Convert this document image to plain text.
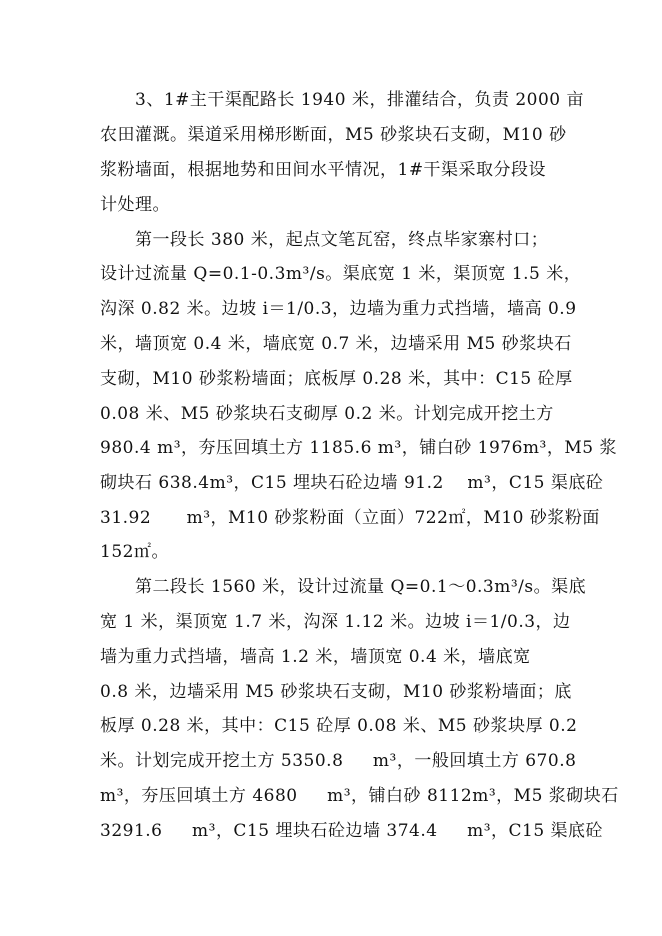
3、1#主干渠配路长 1940 米，排灌结合，负责 2000 亩
农田灌溉。渠道采用梯形断面，M5 砂浆块石支砌，M10 砂
浆粉墙面，根据地势和田间水平情况，1#干渠采取分段设
计处理。
第一段长 380 米，起点文笔瓦窑，终点毕家寨村口；
设计过流量 Q=0.1-0.3m³/s。渠底宽 1 米，渠顶宽 1.5 米，
沟深 0.82 米。边坡 i＝1/0.3，边墙为重力式挡墙，墙高 0.9
米，墙顶宽 0.4 米，墙底宽 0.7 米，边墙采用 M5 砂浆块石
支砌，M10 砂浆粉墙面；底板厚 0.28 米，其中：C15 砼厚
0.08 米、M5 砂浆块石支砌厚 0.2 米。计划完成开挖土方
980.4 m³，夯压回填土方 1185.6 m³，铺白砂 1976m³，M5 浆
砌块石 638.4m³，C15 埋块石砼边墙 91.2    m³，C15 渠底砼
31.92      m³，M10 砂浆粉面（立面）722㎡，M10 砂浆粉面
152㎡。
第二段长 1560 米，设计过流量 Q=0.1～0.3m³/s。渠底
宽 1 米，渠顶宽 1.7 米，沟深 1.12 米。边坡 i＝1/0.3，边
墙为重力式挡墙，墙高 1.2 米，墙顶宽 0.4 米，墙底宽
0.8 米，边墙采用 M5 砂浆块石支砌，M10 砂浆粉墙面；底
板厚 0.28 米，其中：C15 砼厚 0.08 米、M5 砂浆块厚 0.2
米。计划完成开挖土方 5350.8     m³，一般回填土方 670.8
m³，夯压回填土方 4680     m³，铺白砂 8112m³，M5 浆砌块石
3291.6     m³，C15 埋块石砼边墙 374.4     m³，C15 渠底砼
